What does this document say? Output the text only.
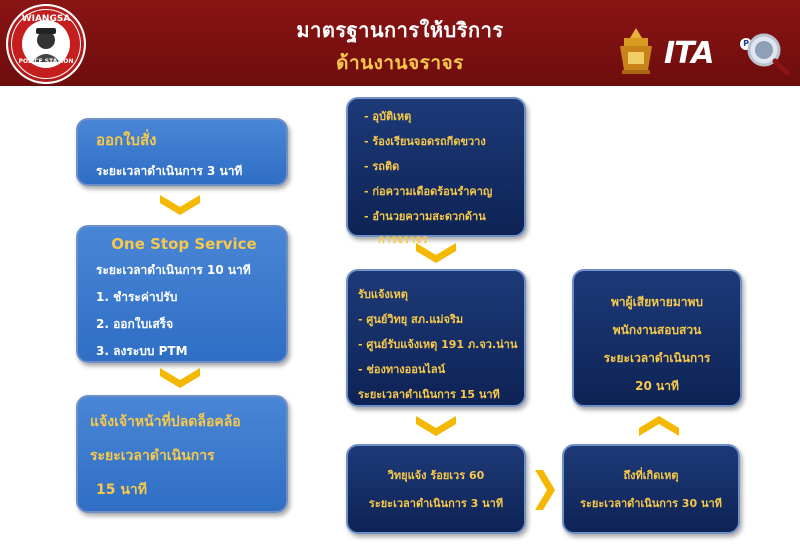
WIANGSA
POLICE STATION
มาตรฐานการให้บริการ
ด้านงานจราจร	ITA	P
ออกใบสั่ง
ระยะเวลาดำเนินการ 3 นาที
One Stop Service
ระยะเวลาดำเนินการ 10 นาที
1. ชำระค่าปรับ
2. ออกใบเสร็จ
3. ลงระบบ PTM
แจ้งเจ้าหน้าที่ปลดล็อคล้อ
ระยะเวลาดำเนินการ
15 นาที
- อุบัติเหตุ
- ร้องเรียนจอดรถกีดขวาง
- รถติด
- ก่อความเดือดร้อนรำคาญ
- อำนวยความสะดวกด้าน
การจราจร
รับแจ้งเหตุ
- ศูนย์วิทยุ สภ.แม่จริม
- ศูนย์รับแจ้งเหตุ 191 ภ.จว.น่าน
- ช่องทางออนไลน์
ระยะเวลาดำเนินการ 15 นาที
วิทยุแจ้ง ร้อยเวร 60
ระยะเวลาดำเนินการ 3 นาที
ถึงที่เกิดเหตุ
ระยะเวลาดำเนินการ 30 นาที
พาผู้เสียหายมาพบ
พนักงานสอบสวน
ระยะเวลาดำเนินการ
20 นาที
